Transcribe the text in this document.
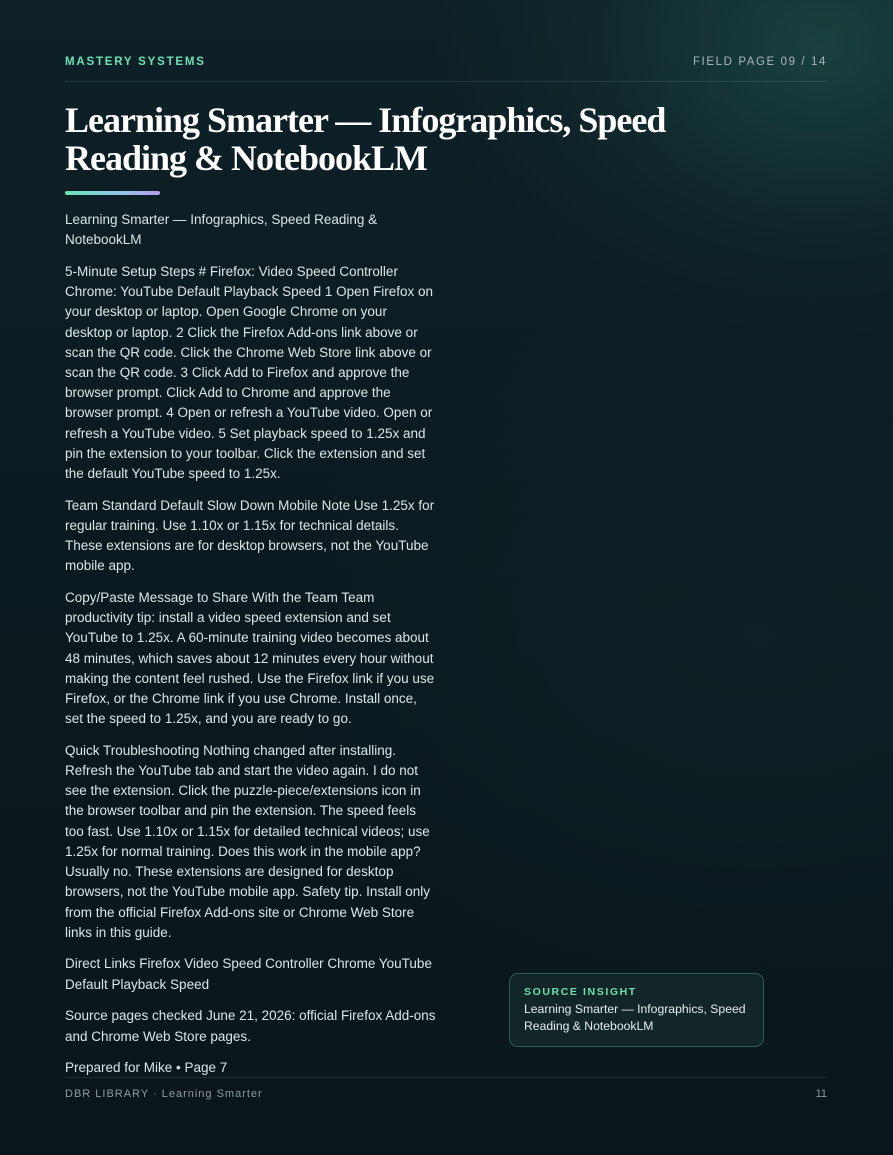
MASTERY SYSTEMS	FIELD PAGE 09 / 14
Learning Smarter — Infographics, Speed Reading & NotebookLM

Learning Smarter — Infographics, Speed Reading & NotebookLM

5-Minute Setup Steps # Firefox: Video Speed Controller Chrome: YouTube Default Playback Speed 1 Open Firefox on your desktop or laptop. Open Google Chrome on your desktop or laptop. 2 Click the Firefox Add-ons link above or scan the QR code. Click the Chrome Web Store link above or scan the QR code. 3 Click Add to Firefox and approve the browser prompt. Click Add to Chrome and approve the browser prompt. 4 Open or refresh a YouTube video. Open or refresh a YouTube video. 5 Set playback speed to 1.25x and pin the extension to your toolbar. Click the extension and set the default YouTube speed to 1.25x.

Team Standard Default Slow Down Mobile Note Use 1.25x for regular training. Use 1.10x or 1.15x for technical details. These extensions are for desktop browsers, not the YouTube mobile app.

Copy/Paste Message to Share With the Team Team productivity tip: install a video speed extension and set YouTube to 1.25x. A 60-minute training video becomes about 48 minutes, which saves about 12 minutes every hour without making the content feel rushed. Use the Firefox link if you use Firefox, or the Chrome link if you use Chrome. Install once, set the speed to 1.25x, and you are ready to go.

Quick Troubleshooting Nothing changed after installing. Refresh the YouTube tab and start the video again. I do not see the extension. Click the puzzle-piece/extensions icon in the browser toolbar and pin the extension. The speed feels too fast. Use 1.10x or 1.15x for detailed technical videos; use 1.25x for normal training. Does this work in the mobile app? Usually no. These extensions are designed for desktop browsers, not the YouTube mobile app. Safety tip. Install only from the official Firefox Add-ons site or Chrome Web Store links in this guide.

Direct Links Firefox Video Speed Controller Chrome YouTube Default Playback Speed

Source pages checked June 21, 2026: official Firefox Add-ons and Chrome Web Store pages.

Prepared for Mike • Page 7

SOURCE INSIGHT
Learning Smarter — Infographics, Speed Reading & NotebookLM
DBR LIBRARY · Learning Smarter	11
